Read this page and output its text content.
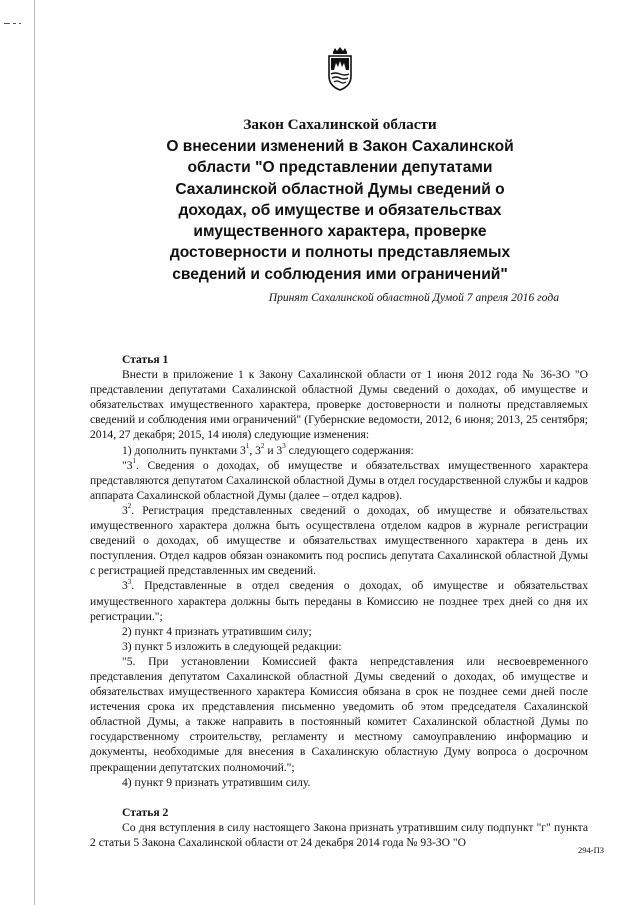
Закон Сахалинской области
О внесении изменений в Закон Сахалинской
области "О представлении депутатами
Сахалинской областной Думы сведений о
доходах, об имуществе и обязательствах
имущественного характера, проверке
достоверности и полноты представляемых
сведений и соблюдения ими ограничений"
Принят Сахалинской областной Думой 7 апреля 2016 года

Статья 1

Внести в приложение 1 к Закону Сахалинской области от 1 июня 2012 года № 36-ЗО "О представлении депутатами Сахалинской областной Думы сведений о доходах, об имуществе и обязательствах имущественного характера, проверке достоверности и полноты представляемых сведений и соблюдения ими ограничений" (Губернские ведомости, 2012, 6 июня; 2013, 25 сентября; 2014, 27 декабря; 2015, 14 июля) следующие изменения:

1) дополнить пунктами $3^1$, $3^2$ и $3^3$ следующего содержания:

"$3^1$. Сведения о доходах, об имуществе и обязательствах имущественного характера представляются депутатом Сахалинской областной Думы в отдел государственной службы и кадров аппарата Сахалинской областной Думы (далее – отдел кадров).

$3^2$. Регистрация представленных сведений о доходах, об имуществе и обязательствах имущественного характера должна быть осуществлена отделом кадров в журнале регистрации сведений о доходах, об имуществе и обязательствах имущественного характера в день их поступления. Отдел кадров обязан ознакомить под роспись депутата Сахалинской областной Думы с регистрацией представленных им сведений.

$3^3$. Представленные в отдел сведения о доходах, об имуществе и обязательствах имущественного характера должны быть переданы в Комиссию не позднее трех дней со дня их регистрации.";

2) пункт 4 признать утратившим силу;

3) пункт 5 изложить в следующей редакции:

"5. При установлении Комиссией факта непредставления или несвоевременного представления депутатом Сахалинской областной Думы сведений о доходах, об имуществе и обязательствах имущественного характера Комиссия обязана в срок не позднее семи дней после истечения срока их представления письменно уведомить об этом председателя Сахалинской областной Думы, а также направить в постоянный комитет Сахалинской областной Думы по государственному строительству, регламенту и местному самоуправлению информацию и документы, необходимые для внесения в Сахалинскую областную Думу вопроса о досрочном прекращении депутатских полномочий.";

4) пункт 9 признать утратившим силу.

Статья 2

Со дня вступления в силу настоящего Закона признать утратившим силу подпункт "г" пункта 2 статьи 5 Закона Сахалинской области от 24 декабря 2014 года № 93-ЗО "О

294-ПЗ
